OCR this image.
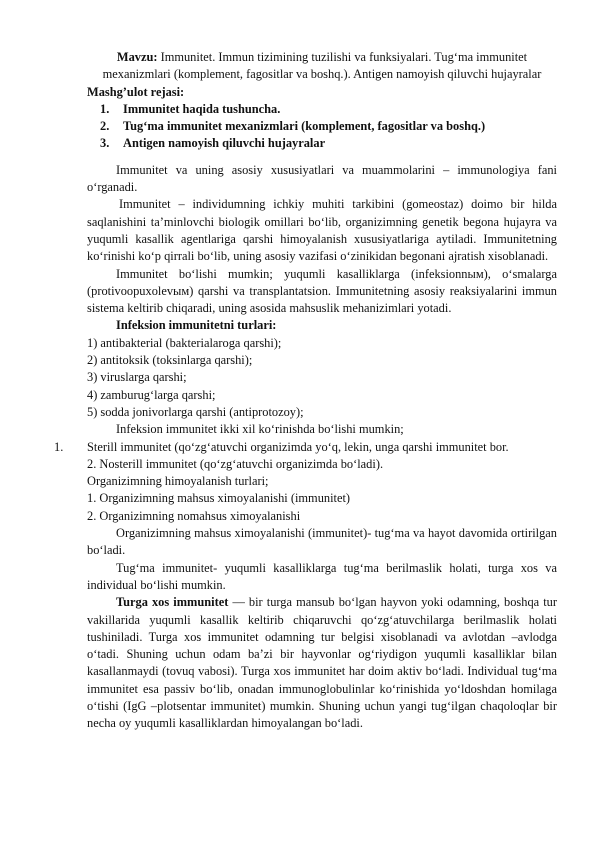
Mavzu: Immunitet. Immun tizimining tuzilishi va funksiyalari. Tug‘ma immunitet mexanizmlari (komplement, fagositlar va boshq.). Antigen namoyish qiluvchi hujayralar

Mashg’ulot rejasi:

1.	Immunitet haqida tushuncha.
2.	Tug‘ma immunitet mexanizmlari (komplement, fagositlar va boshq.)
3.	Antigen namoyish qiluvchi hujayralar

Immunitet va uning asosiy xususiyatlari va muammolarini – immunologiya fani o‘rganadi.

Immunitet – individumning ichkiy muhiti tarkibini (gomeostaz) doimo bir hilda saqlanishini ta’minlovchi biologik omillari bo‘lib, organizimning genetik begona hujayra va yuqumli kasallik agentlariga qarshi himoyalanish xususiyatlariga aytiladi. Immunitetning ko‘rinishi ko‘p qirrali bo‘lib, uning asosiy vazifasi o‘zinikidan begonani ajratish xisoblanadi.

Immunitet bo‘lishi mumkin; yuqumli kasalliklarga (infeksionnым), o‘smalarga (protivoopuxolevым) qarshi va transplantatsion. Immunitetning asosiy reaksiyalarini immun sistema keltirib chiqaradi, uning asosida mahsuslik mehanizimlari yotadi.

Infeksion immunitetni turlari:

1) antibakterial (bakterialaroga qarshi);

2) antitoksik (toksinlarga qarshi);

3) viruslarga qarshi;

4) zamburug‘larga qarshi;

5) sodda jonivorlarga qarshi (antiprotozoy);

Infeksion immunitet ikki xil ko‘rinishda bo‘lishi mumkin;

1. Sterill immunitet (qo‘zg‘atuvchi organizimda yo‘q, lekin, unga qarshi immunitet bor.

2. Nosterill immunitet (qo‘zg‘atuvchi organizimda bo‘ladi).

Organizimning himoyalanish turlari;

1. Organizimning mahsus ximoyalanishi (immunitet)

2. Organizimning nomahsus ximoyalanishi

Organizimning mahsus ximoyalanishi (immunitet)- tug‘ma va hayot davomida ortirilgan bo‘ladi.

Tug‘ma immunitet- yuqumli kasalliklarga tug‘ma berilmaslik holati, turga xos va individual bo‘lishi mumkin.

Turga xos immunitet — bir turga mansub bo‘lgan hayvon yoki odamning, boshqa tur vakillarida yuqumli kasallik keltirib chiqaruvchi qo‘zg‘atuvchilarga berilmaslik holati tushiniladi. Turga xos immunitet odamning tur belgisi xisoblanadi va avlotdan –avlodga o‘tadi. Shuning uchun odam ba’zi bir hayvonlar og‘riydigon yuqumli kasalliklar bilan kasallanmaydi (tovuq vabosi). Turga xos immunitet har doim aktiv bo‘ladi. Individual tug‘ma immunitet esa passiv bo‘lib, onadan immunoglobulinlar ko‘rinishida yo‘ldoshdan homilaga o‘tishi (IgG –plotsentar immunitet) mumkin. Shuning uchun yangi tug‘ilgan chaqoloqlar bir necha oy yuqumli kasalliklardan himoyalangan bo‘ladi.
